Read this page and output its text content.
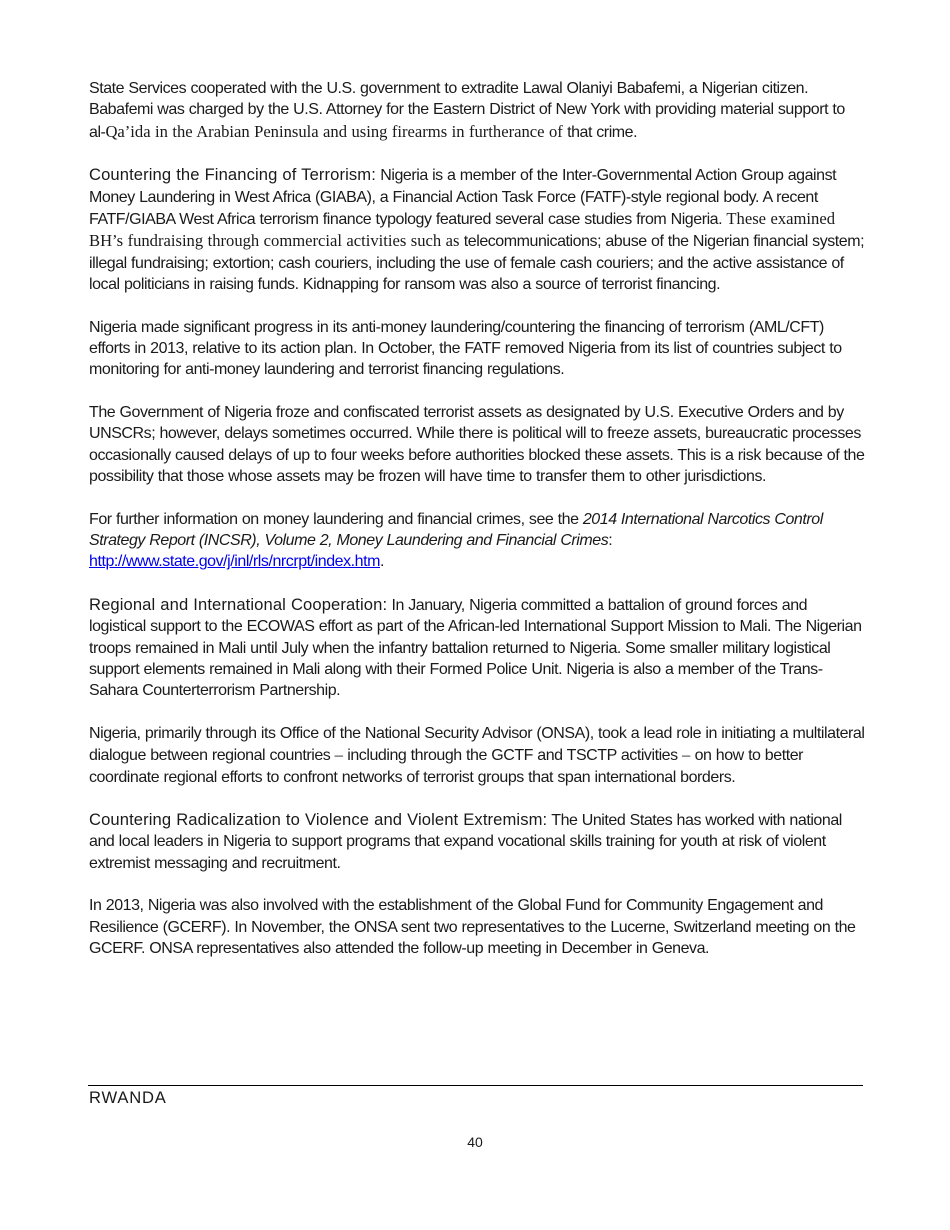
State Services cooperated with the U.S. government to extradite Lawal Olaniyi Babafemi, a Nigerian citizen. Babafemi was charged by the U.S. Attorney for the Eastern District of New York with providing material support to al-Qa’ida in the Arabian Peninsula and using firearms in furtherance of that crime.

Countering the Financing of Terrorism: Nigeria is a member of the Inter-Governmental Action Group against Money Laundering in West Africa (GIABA), a Financial Action Task Force (FATF)-style regional body. A recent FATF/GIABA West Africa terrorism finance typology featured several case studies from Nigeria. These examined BH’s fundraising through commercial activities such as telecommunications; abuse of the Nigerian financial system; illegal fundraising; extortion; cash couriers, including the use of female cash couriers; and the active assistance of local politicians in raising funds. Kidnapping for ransom was also a source of terrorist financing.

Nigeria made significant progress in its anti-money laundering/countering the financing of terrorism (AML/CFT) efforts in 2013, relative to its action plan. In October, the FATF removed Nigeria from its list of countries subject to monitoring for anti-money laundering and terrorist financing regulations.

The Government of Nigeria froze and confiscated terrorist assets as designated by U.S. Executive Orders and by UNSCRs; however, delays sometimes occurred. While there is political will to freeze assets, bureaucratic processes occasionally caused delays of up to four weeks before authorities blocked these assets. This is a risk because of the possibility that those whose assets may be frozen will have time to transfer them to other jurisdictions.

For further information on money laundering and financial crimes, see the 2014 International Narcotics Control Strategy Report (INCSR), Volume 2, Money Laundering and Financial Crimes: http://www.state.gov/j/inl/rls/nrcrpt/index.htm.

Regional and International Cooperation: In January, Nigeria committed a battalion of ground forces and logistical support to the ECOWAS effort as part of the African-led International Support Mission to Mali. The Nigerian troops remained in Mali until July when the infantry battalion returned to Nigeria. Some smaller military logistical support elements remained in Mali along with their Formed Police Unit. Nigeria is also a member of the Trans-Sahara Counterterrorism Partnership.

Nigeria, primarily through its Office of the National Security Advisor (ONSA), took a lead role in initiating a multilateral dialogue between regional countries – including through the GCTF and TSCTP activities – on how to better coordinate regional efforts to confront networks of terrorist groups that span international borders.

Countering Radicalization to Violence and Violent Extremism: The United States has worked with national and local leaders in Nigeria to support programs that expand vocational skills training for youth at risk of violent extremist messaging and recruitment.

In 2013, Nigeria was also involved with the establishment of the Global Fund for Community Engagement and Resilience (GCERF). In November, the ONSA sent two representatives to the Lucerne, Switzerland meeting on the GCERF. ONSA representatives also attended the follow-up meeting in December in Geneva.

RWANDA
40
